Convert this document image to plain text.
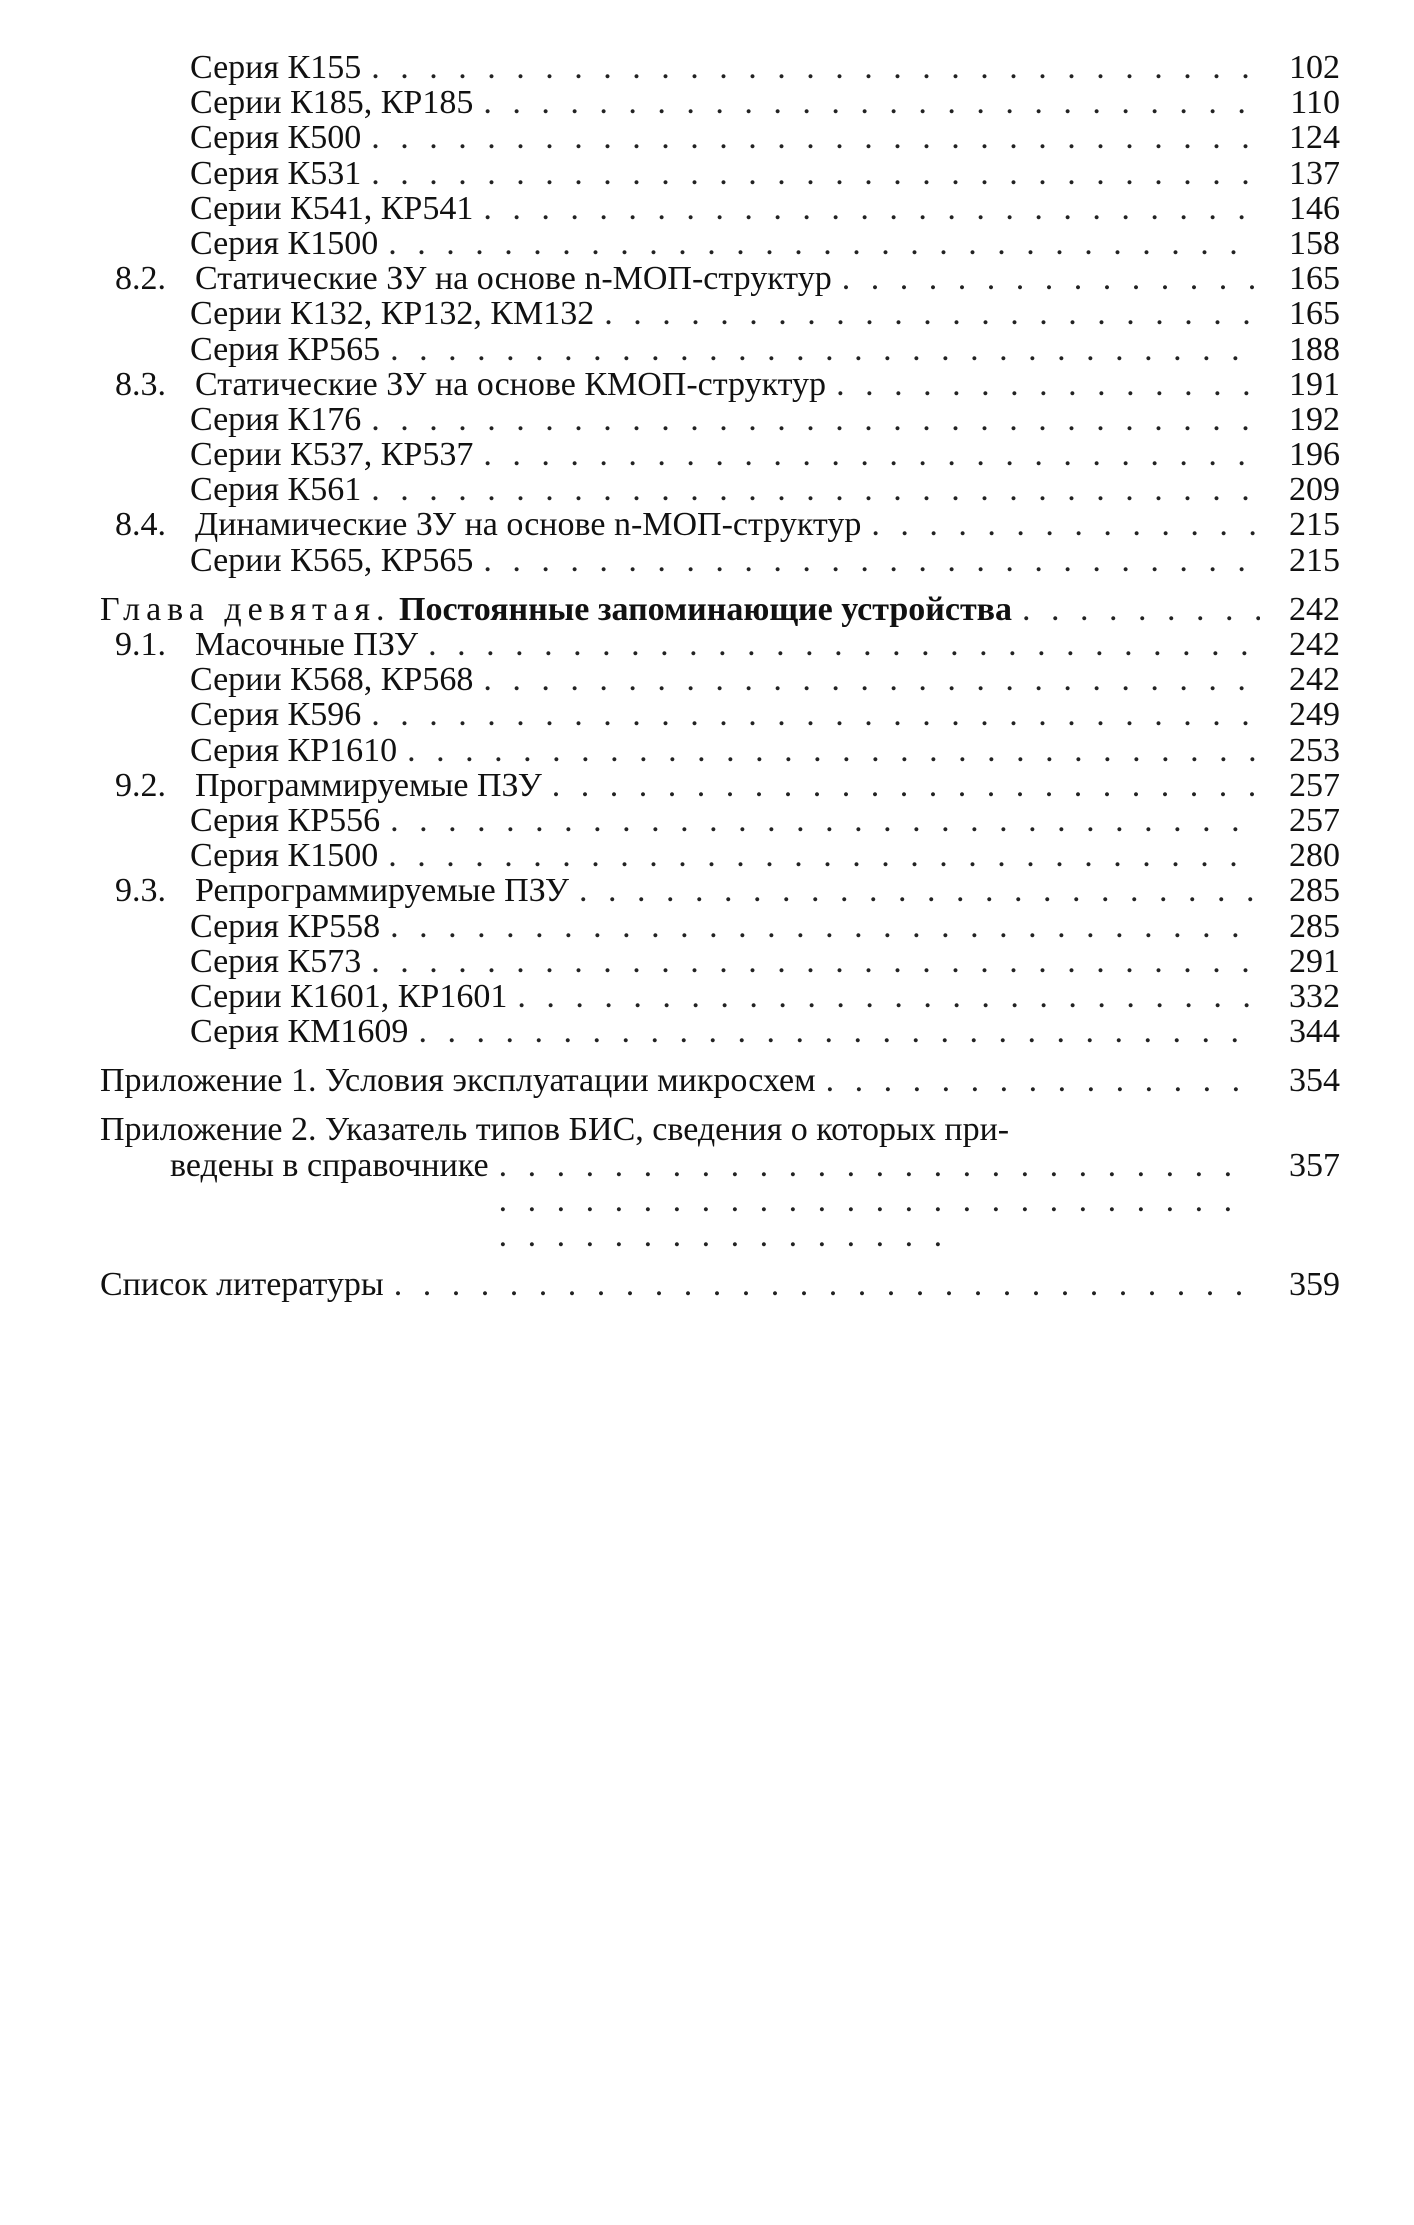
Серия К155 . . .	102
Серии К185, КР185 . . .	110
Серия К500 . . .	124
Серия К531 . . .	137
Серии К541, КР541 . . .	146
Серия К1500 . . .	158
8.2. Статические ЗУ на основе n-МОП-структур . . .	165
Серии К132, КР132, КМ132 . . .	165
Серия КР565 . . .	188
8.3. Статические ЗУ на основе КМОП-структур . . .	191
Серия К176 . . .	192
Серии К537, КР537 . . .	196
Серия К561 . . .	209
8.4. Динамические ЗУ на основе n-МОП-структур . . .	215
Серии К565, КР565 . . .	215
Глава девятая. Постоянные запоминающие устройства . . .	242
9.1. Масочные ПЗУ . . .	242
Серии К568, КР568 . . .	242
Серия К596 . . .	249
Серия КР1610 . . .	253
9.2. Программируемые ПЗУ . . .	257
Серия КР556 . . .	257
Серия К1500 . . .	280
9.3. Репрограммируемые ПЗУ . . .	285
Серия КР558 . . .	285
Серия К573 . . .	291
Серии К1601, КР1601 . . .	332
Серия КМ1609 . . .	344
Приложение 1. Условия эксплуатации микросхем . . .	354
Приложение 2. Указатель типов БИС, сведения о которых при-
ведены в справочнике . . .	357
Список литературы . . .	359
